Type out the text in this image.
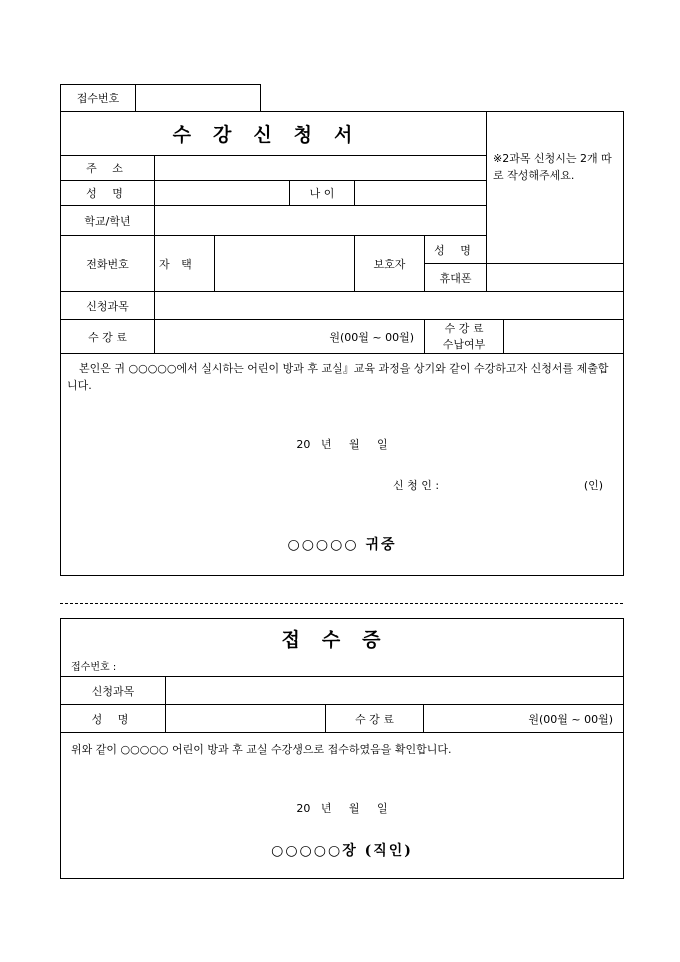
접수번호	
수강신청서						※2과목 신청시는 2개 따로 작성해주세요.	
주 소							
성 명			나 이				
학교/학년							
전화번호	자 택			보호자	성 명		
					휴대폰		
신청과목							
수 강 료	원(00월 ~ 00월)				수 강 료
수납여부		

본인은 귀 ○○○○○에서 실시하는 어린이 방과 후 교실』교육 과정을 상기와 같이 수강하고자 신청서를 제출합니다.
20   년     월     일
신 청 인 : (인)
○○○○○ 귀중							
접수증
접수번호 :			

신청과목			
성 명		수 강 료	원(00월 ~ 00월)

위와 같이 ○○○○○ 어린이 방과 후 교실 수강생으로 접수하였음을 확인합니다.
20   년     월     일
○○○○○장 (직인)			
